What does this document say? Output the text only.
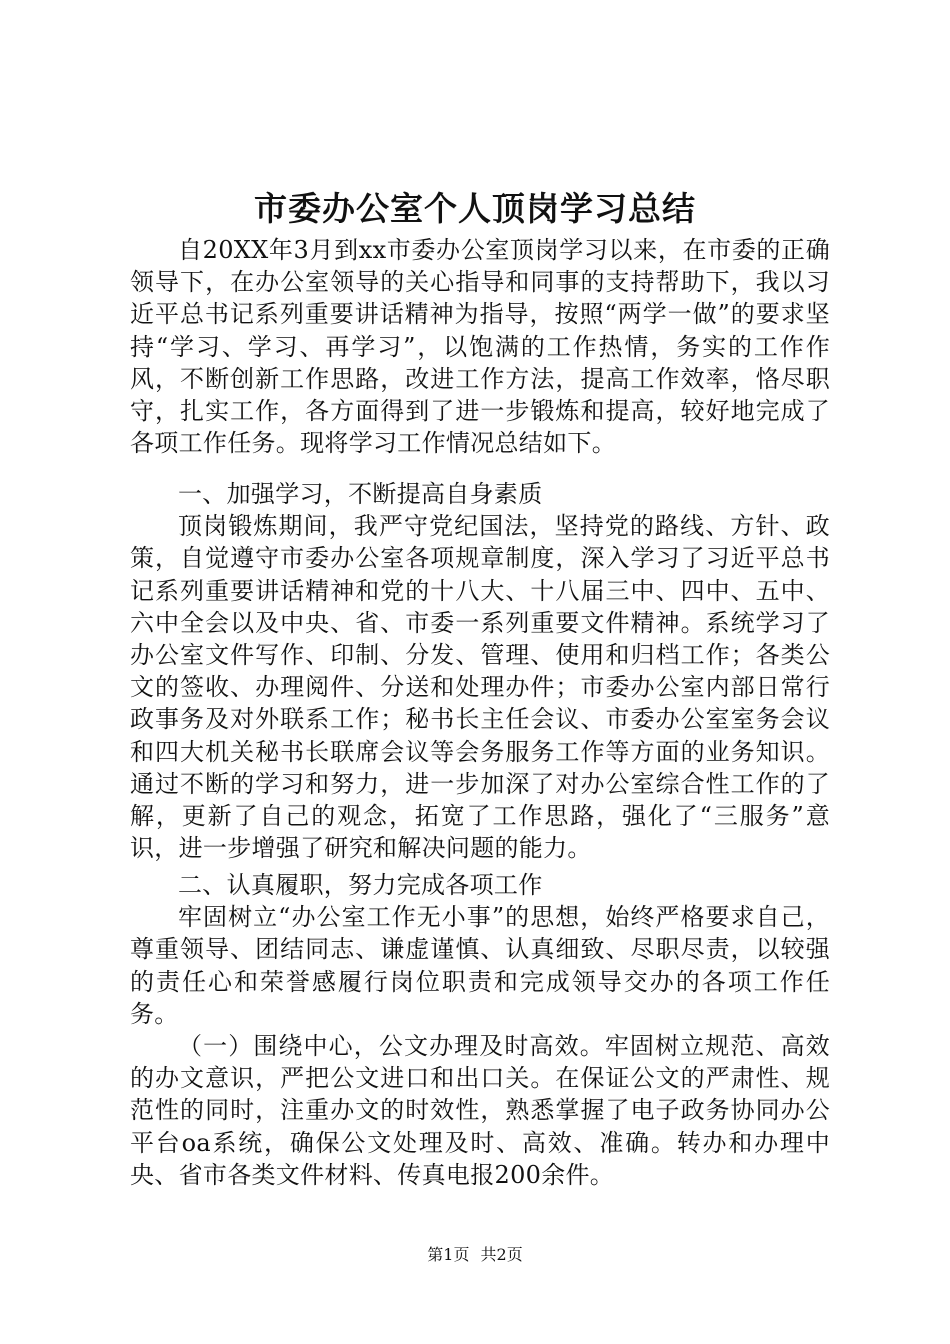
市委办公室个人顶岗学习总结

自20XX年3月到xx市委办公室顶岗学习以来，在市委的正确领导下，在办公室领导的关心指导和同事的支持帮助下，我以习近平总书记系列重要讲话精神为指导，按照“两学一做”的要求坚持“学习、学习、再学习”，以饱满的工作热情，务实的工作作风，不断创新工作思路，改进工作方法，提高工作效率，恪尽职守，扎实工作，各方面得到了进一步锻炼和提高，较好地完成了各项工作任务。现将学习工作情况总结如下。

一、加强学习，不断提高自身素质

顶岗锻炼期间，我严守党纪国法，坚持党的路线、方针、政策，自觉遵守市委办公室各项规章制度，深入学习了习近平总书记系列重要讲话精神和党的十八大、十八届三中、四中、五中、六中全会以及中央、省、市委一系列重要文件精神。系统学习了办公室文件写作、印制、分发、管理、使用和归档工作；各类公文的签收、办理阅件、分送和处理办件；市委办公室内部日常行政事务及对外联系工作；秘书长主任会议、市委办公室室务会议和四大机关秘书长联席会议等会务服务工作等方面的业务知识。通过不断的学习和努力，进一步加深了对办公室综合性工作的了解，更新了自己的观念，拓宽了工作思路，强化了“三服务”意识，进一步增强了研究和解决问题的能力。

二、认真履职，努力完成各项工作

牢固树立“办公室工作无小事”的思想，始终严格要求自己，尊重领导、团结同志、谦虚谨慎、认真细致、尽职尽责，以较强的责任心和荣誉感履行岗位职责和完成领导交办的各项工作任务。

（一）围绕中心，公文办理及时高效。牢固树立规范、高效的办文意识，严把公文进口和出口关。在保证公文的严肃性、规范性的同时，注重办文的时效性，熟悉掌握了电子政务协同办公平台oa系统，确保公文处理及时、高效、准确。转办和办理中央、省市各类文件材料、传真电报200余件。

第1页 共2页
